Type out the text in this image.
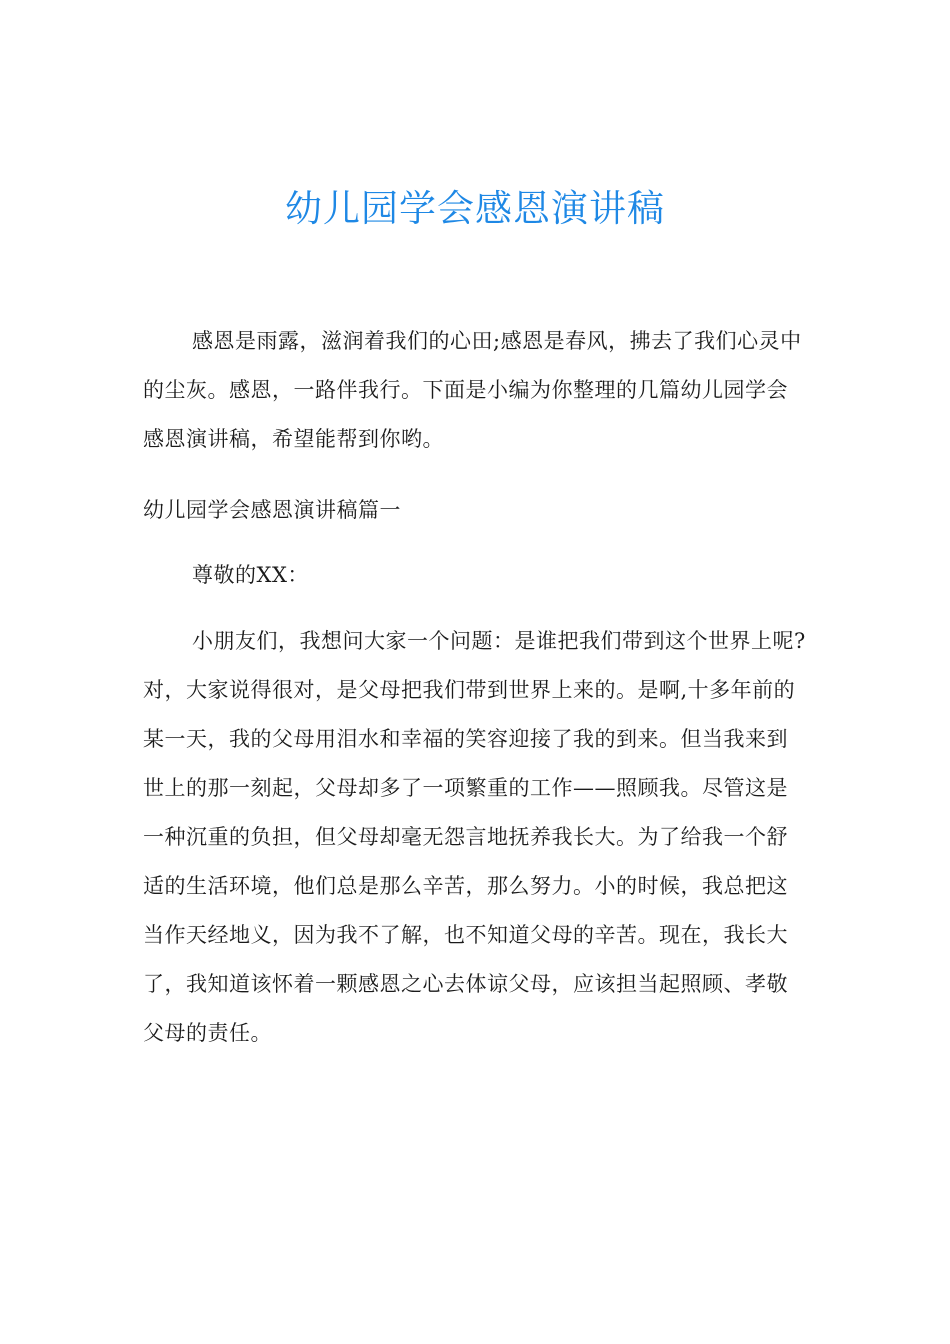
幼儿园学会感恩演讲稿

感恩是雨露，滋润着我们的心田;感恩是春风，拂去了我们心灵中的尘灰。感恩，一路伴我行。下面是小编为你整理的几篇幼儿园学会感恩演讲稿，希望能帮到你哟。

幼儿园学会感恩演讲稿篇一

尊敬的XX：

小朋友们，我想问大家一个问题：是谁把我们带到这个世界上呢?对，大家说得很对，是父母把我们带到世界上来的。是啊,十多年前的某一天，我的父母用泪水和幸福的笑容迎接了我的到来。但当我来到世上的那一刻起，父母却多了一项繁重的工作——照顾我。尽管这是一种沉重的负担，但父母却毫无怨言地抚养我长大。为了给我一个舒适的生活环境，他们总是那么辛苦，那么努力。小的时候，我总把这当作天经地义，因为我不了解，也不知道父母的辛苦。现在，我长大了，我知道该怀着一颗感恩之心去体谅父母，应该担当起照顾、孝敬父母的责任。
